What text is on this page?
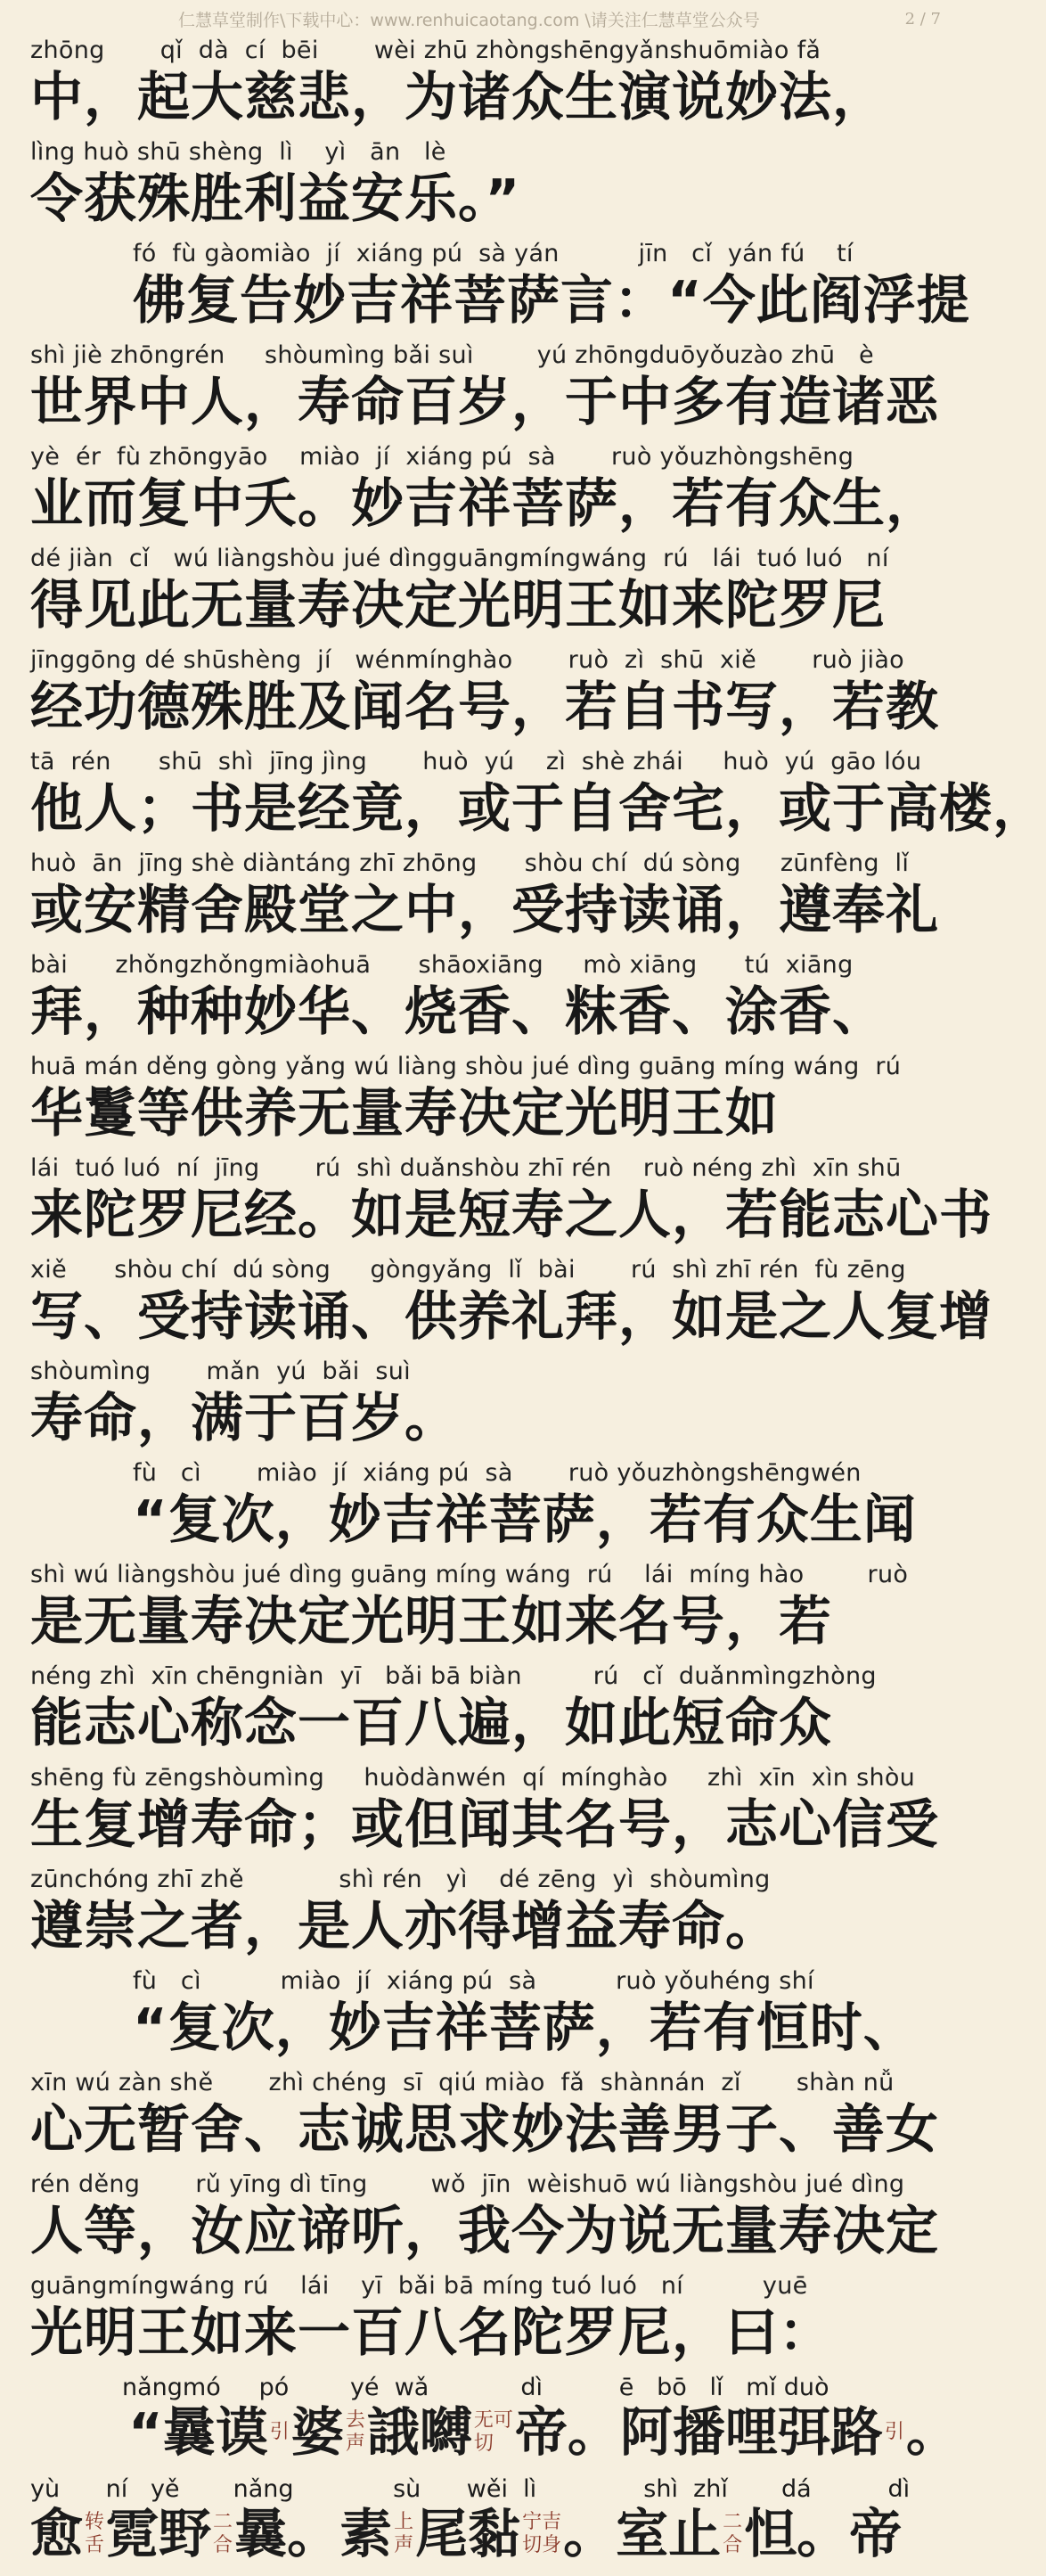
仁慧草堂制作\下载中心：www.renhuicaotang.com \请关注仁慧草堂公众号	2 / 7
zhōng       qǐ  dà  cí  bēi       wèi zhū zhòngshēngyǎnshuōmiào fǎ
中，起大慈悲，为诸众生演说妙法，
lìng huò shū shèng  lì    yì   ān   lè
令获殊胜利益安乐。”
fó  fù gàomiào  jí  xiáng pú  sà yán          jīn   cǐ  yán fú    tí
佛复告妙吉祥菩萨言：“今此阎浮提
shì jiè zhōngrén     shòumìng bǎi suì        yú zhōngduōyǒuzào zhū   è
世界中人，寿命百岁，于中多有造诸恶
yè  ér  fù zhōngyāo    miào  jí  xiáng pú  sà       ruò yǒuzhòngshēng
业而复中夭。妙吉祥菩萨，若有众生，
dé jiàn  cǐ   wú liàngshòu jué dìngguāngmíngwáng  rú   lái  tuó luó   ní
得见此无量寿决定光明王如来陀罗尼
jīnggōng dé shūshèng  jí   wénmínghào       ruò  zì  shū  xiě       ruò jiào
经功德殊胜及闻名号，若自书写，若教
tā  rén      shū  shì  jīng jìng       huò  yú    zì  shè zhái     huò  yú  gāo lóu
他人；书是经竟，或于自舍宅，或于高楼，
huò  ān  jīng shè diàntáng zhī zhōng      shòu chí  dú sòng     zūnfèng  lǐ
或安精舍殿堂之中，受持读诵，遵奉礼
bài      zhǒngzhǒngmiàohuā      shāoxiāng     mò xiāng      tú  xiāng
拜，种种妙华、烧香、粖香、涂香、
huā mán děng gòng yǎng wú liàng shòu jué dìng guāng míng wáng  rú
华鬘等供养无量寿决定光明王如
lái  tuó luó  ní  jīng       rú  shì duǎnshòu zhī rén    ruò néng zhì  xīn shū
来陀罗尼经。如是短寿之人，若能志心书
xiě      shòu chí  dú sòng     gòngyǎng  lǐ  bài       rú  shì zhī rén  fù zēng
写、受持读诵、供养礼拜，如是之人复增
shòumìng       mǎn  yú  bǎi  suì
寿命，满于百岁。
fù   cì       miào  jí  xiáng pú  sà       ruò yǒuzhòngshēngwén
“复次，妙吉祥菩萨，若有众生闻
shì wú liàngshòu jué dìng guāng míng wáng  rú    lái  míng hào        ruò
是无量寿决定光明王如来名号，若
néng zhì  xīn chēngniàn  yī   bǎi bā biàn         rú   cǐ  duǎnmìngzhòng
能志心称念一百八遍，如此短命众
shēng fù zēngshòumìng     huòdànwén  qí  mínghào     zhì  xīn  xìn shòu
生复增寿命；或但闻其名号，志心信受
zūnchóng zhī zhě            shì rén   yì    dé zēng  yì  shòumìng
遵崇之者，是人亦得增益寿命。
fù   cì          miào  jí  xiáng pú  sà          ruò yǒuhéng shí
“复次，妙吉祥菩萨，若有恒时、
xīn wú zàn shě       zhì chéng  sī  qiú miào  fǎ  shànnán  zǐ       shàn nǚ
心无暂舍、志诚思求妙法善男子、善女
rén děng       rǔ yīng dì tīng        wǒ  jīn  wèishuō wú liàngshòu jué dìng
人等，汝应谛听，我今为说无量寿决定
guāngmíngwáng rú    lái    yī  bǎi bā míng tuó luó   ní          yuē
光明王如来一百八名陀罗尼，曰：
nǎngmó     pó        yé  wǎ            dì          ē   bō   lǐ   mǐ duò
“曩谟 引 婆 去
声 誐嚩 无可
切 帝。阿播哩弭路 引 。
yù      ní   yě       nǎng             sù      wěi  lì              shì  zhǐ       dá          dì
愈 转
舌 霓野 二
合 曩。素 上
声 尾黏 宁吉
切身 。室止 二
合 怛。帝
